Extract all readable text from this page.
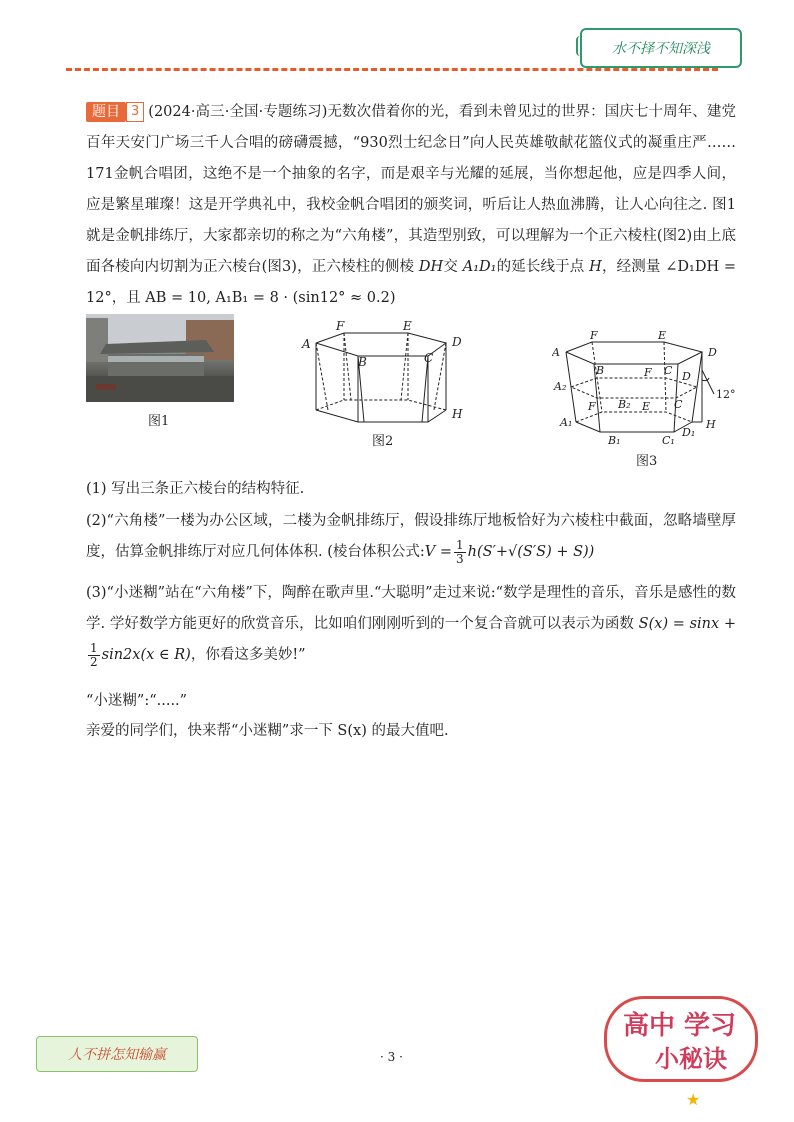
水不择不知深浅
题目 3 (2024·高三·全国·专题练习)无数次借着你的光，看到未曾见过的世界：国庆七十周年、建党百年天安门广场三千人合唱的磅礴震撼，“930烈士纪念日”向人民英雄敬献花篮仪式的凝重庄严……171金帆合唱团，这绝不是一个抽象的名字，而是艰辛与光耀的延展，当你想起他，应是四季人间，应是繁星璀璨！这是开学典礼中，我校金帆合唱团的颁奖词，听后让人热血沸腾，让人心向往之. 图1就是金帆排练厅，大家都亲切的称之为“六角楼”，其造型别致，可以理解为一个正六棱柱(图2)由上底面各棱向内切割为正六棱台(图3)，正六棱柱的侧棱 DH交 A₁D₁的延长线于点 H，经测量 ∠D₁DH = 12°，且 AB = 10, A₁B₁ = 8 · (sin12° ≈ 0.2)
图1
A
F	E
D
B	C
H
图2
A
F	E
D
B	C
F	D
A₂
F B₂ E C
A₁
B₁	C₁
D₁
H
12°
图3
(1) 写出三条正六棱台的结构特征.
(2)“六角楼”一楼为办公区域，二楼为金帆排练厅，假设排练厅地板恰好为六棱柱中截面，忽略墙壁厚度，估算金帆排练厅对应几何体体积. (棱台体积公式:V = $\frac{1}{3} h(S'+√(S'S) + S)$)
(3)“小迷糊”站在“六角楼”下，陶醉在歌声里.“大聪明”走过来说:“数学是理性的音乐，音乐是感性的数学. 学好数学方能更好的欣赏音乐，比如咱们刚刚听到的一个复合音就可以表示为函数 S(x) = sinx +
$\frac{1}{2} \sin 2x(x$ ∈ R)，你看这多美妙!”
“小迷糊”:“.....”
亲爱的同学们，快来帮“小迷糊”求一下 S(x) 的最大值吧.
人不拼怎知输赢	· 3 ·
高中 学习
小秘诀
★
